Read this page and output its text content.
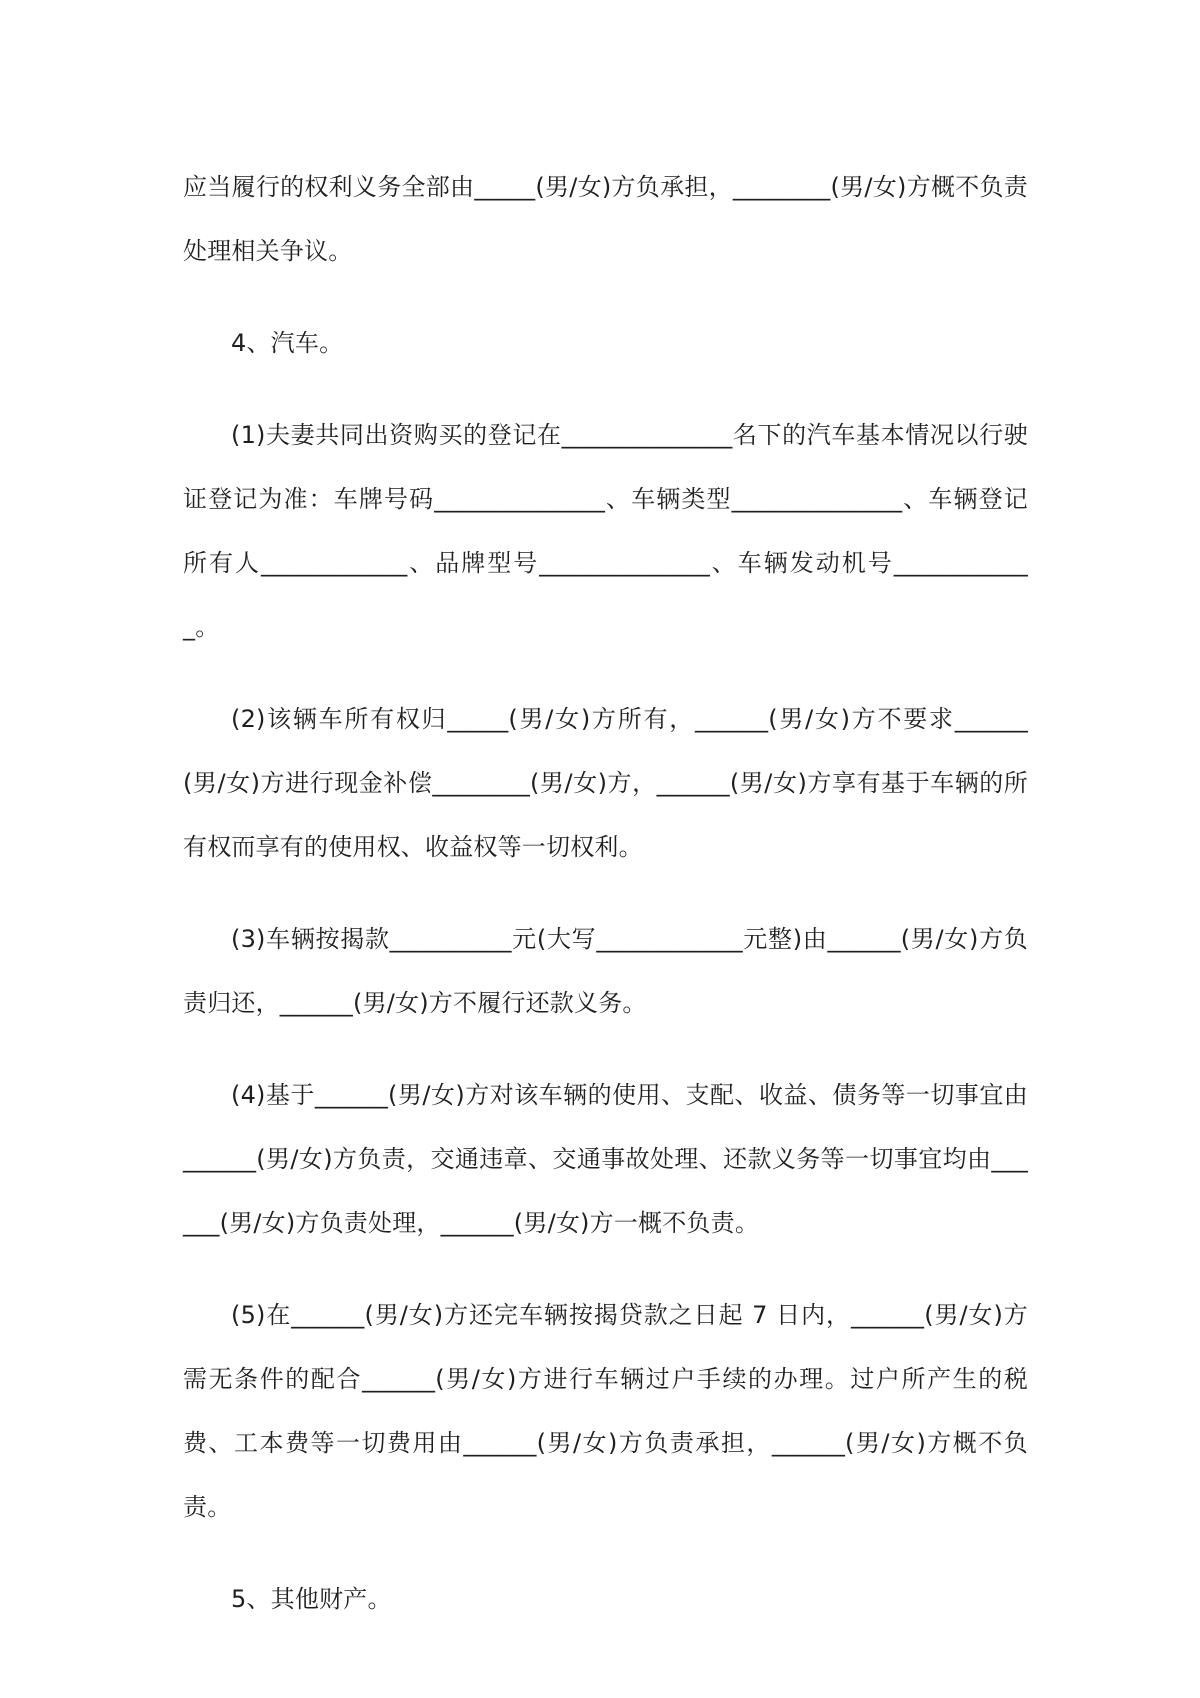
应当履行的权利义务全部由_____(男/女)方负承担，________(男/女)方概不负责处理相关争议。

4、汽车。

(1)夫妻共同出资购买的登记在______________名下的汽车基本情况以行驶证登记为准：车牌号码______________、车辆类型______________、车辆登记所有人____________、品牌型号______________、车辆发动机号____________。

(2)该辆车所有权归_____(男/女)方所有，______(男/女)方不要求______(男/女)方进行现金补偿________(男/女)方，______(男/女)方享有基于车辆的所有权而享有的使用权、收益权等一切权利。

(3)车辆按揭款__________元(大写____________元整)由______(男/女)方负责归还，______(男/女)方不履行还款义务。

(4)基于______(男/女)方对该车辆的使用、支配、收益、债务等一切事宜由______(男/女)方负责，交通违章、交通事故处理、还款义务等一切事宜均由______(男/女)方负责处理，______(男/女)方一概不负责。

(5)在______(男/女)方还完车辆按揭贷款之日起 7 日内，______(男/女)方需无条件的配合______(男/女)方进行车辆过户手续的办理。过户所产生的税费、工本费等一切费用由______(男/女)方负责承担，______(男/女)方概不负责。

5、其他财产。
